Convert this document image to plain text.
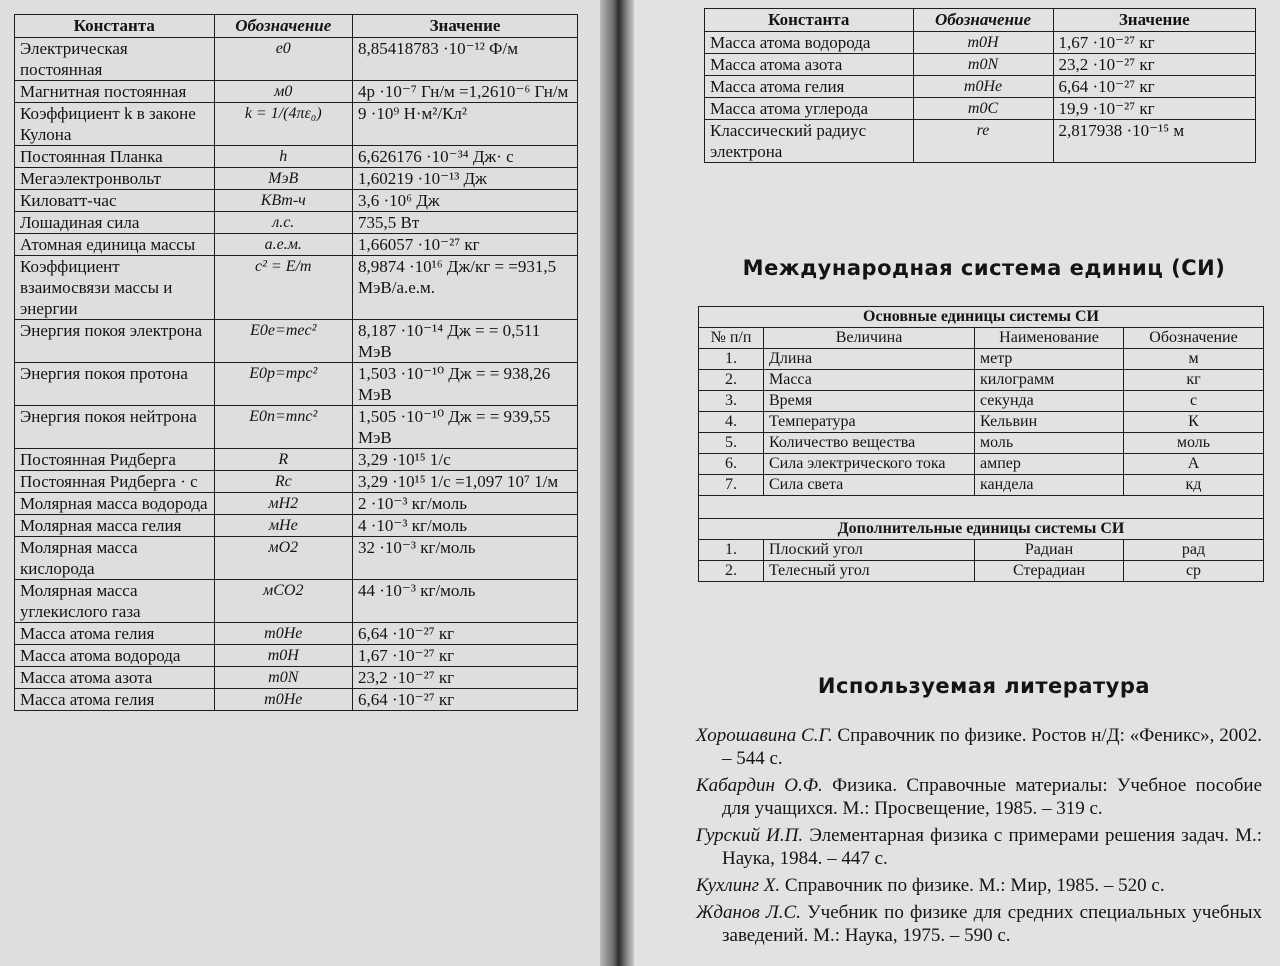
Константа	Обозначение	Значение
Электрическая постоянная	e0	8,85418783 ·10⁻¹² Ф/м
Магнитная постоянная	м0	4р ·10⁻⁷ Гн/м =1,2610⁻⁶ Гн/м
Коэффициент k в законе Кулона	k = 1/(4πε₀)	9 ·10⁹ Н·м²/Кл²
Постоянная Планка	h	6,626176 ·10⁻³⁴ Дж· с
Мегаэлектронвольт	МэВ	1,60219 ·10⁻¹³ Дж
Киловатт-час	КВт-ч	3,6 ·10⁶ Дж
Лошадиная сила	л.с.	735,5 Вт
Атомная единица массы	а.е.м.	1,66057 ·10⁻²⁷ кг
Коэффициент взаимосвязи массы и энергии	c² = E/m	8,9874 ·10¹⁶ Дж/кг = =931,5 МэВ/а.е.м.
Энергия покоя электрона	E0e=mec²	8,187 ·10⁻¹⁴ Дж = = 0,511 МэВ
Энергия покоя протона	E0p=mpc²	1,503 ·10⁻¹⁰ Дж = = 938,26 МэВ
Энергия покоя нейтрона	E0n=mnc²	1,505 ·10⁻¹⁰ Дж = = 939,55 МэВ
Постоянная Ридберга	R	3,29 ·10¹⁵ 1/с
Постоянная Ридберга · c	Rc	3,29 ·10¹⁵ 1/с =1,097 10⁷ 1/м
Молярная масса водорода	мH2	2 ·10⁻³ кг/моль
Молярная масса гелия	мHe	4 ·10⁻³ кг/моль
Молярная масса кислорода	мO2	32 ·10⁻³ кг/моль
Молярная масса углекислого газа	мCO2	44 ·10⁻³ кг/моль
Масса атома гелия	m0He	6,64 ·10⁻²⁷ кг
Масса атома водорода	m0H	1,67 ·10⁻²⁷ кг
Масса атома азота	m0N	23,2 ·10⁻²⁷ кг
Масса атома гелия	m0He	6,64 ·10⁻²⁷ кг
Константа	Обозначение	Значение
Масса атома водорода	m0H	1,67 ·10⁻²⁷ кг
Масса атома азота	m0N	23,2 ·10⁻²⁷ кг
Масса атома гелия	m0He	6,64 ·10⁻²⁷ кг
Масса атома углерода	m0C	19,9 ·10⁻²⁷ кг
Классический радиус электрона	re	2,817938 ·10⁻¹⁵ м
Международная система единиц (СИ)
Основные единицы системы СИ			
№ п/п	Величина	Наименование	Обозначение
1.	Длина	метр	м
2.	Масса	килограмм	кг
3.	Время	секунда	с
4.	Температура	Кельвин	К
5.	Количество вещества	моль	моль
6.	Сила электрического тока	ампер	А
7.	Сила света	кандела	кд

Дополнительные единицы системы СИ			
1.	Плоский угол	Радиан	рад
2.	Телесный угол	Стерадиан	ср
Используемая литература

Хорошавина С.Г. Справочник по физике. Ростов н/Д: «Феникс», 2002. – 544 с.

Кабардин О.Ф. Физика. Справочные материалы: Учебное пособие для учащихся. М.: Просвещение, 1985. – 319 с.

Гурский И.П. Элементарная физика с примерами решения задач. М.: Наука, 1984. – 447 с.

Кухлинг Х. Справочник по физике. М.: Мир, 1985. – 520 с.

Жданов Л.С. Учебник по физике для средних специальных учебных заведений. М.: Наука, 1975. – 590 с.
